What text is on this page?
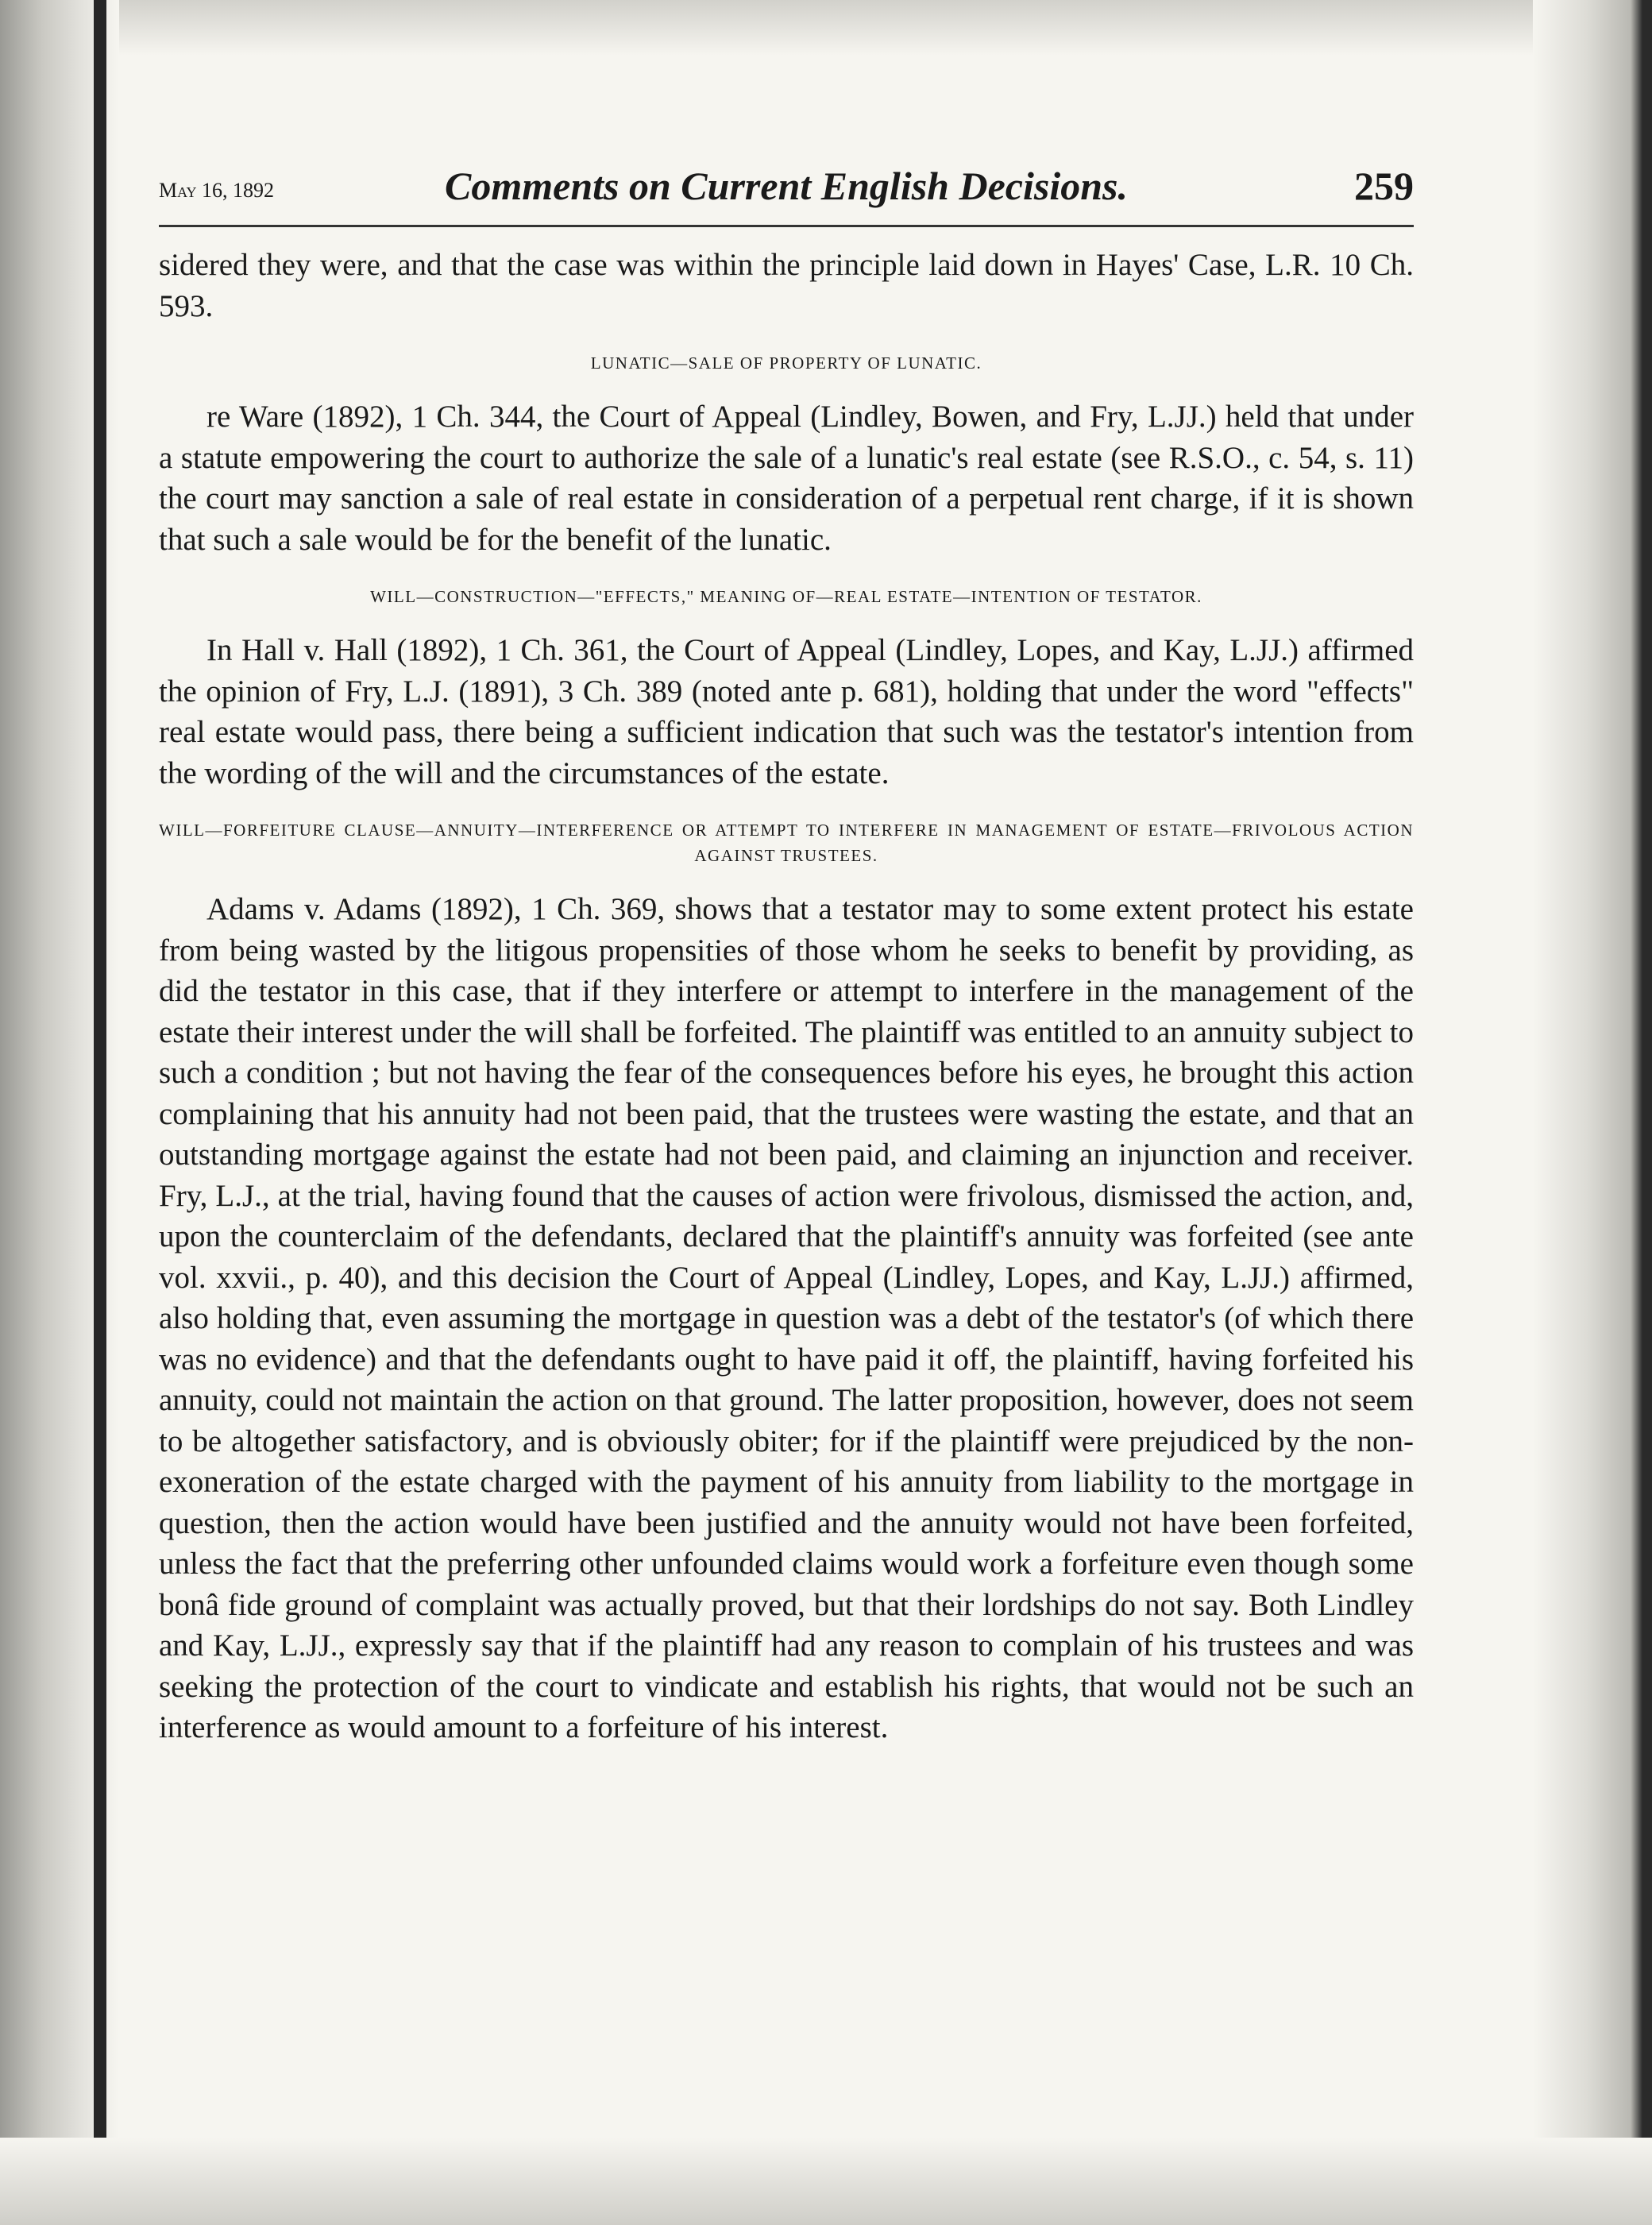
May 16, 1892	Comments on Current English Decisions.	259

sidered they were, and that the case was within the principle laid down in Hayes' Case, L.R. 10 Ch. 593.

LUNATIC—SALE OF PROPERTY OF LUNATIC.

re Ware (1892), 1 Ch. 344, the Court of Appeal (Lindley, Bowen, and Fry, L.JJ.) held that under a statute empowering the court to authorize the sale of a lunatic's real estate (see R.S.O., c. 54, s. 11) the court may sanction a sale of real estate in consideration of a perpetual rent charge, if it is shown that such a sale would be for the benefit of the lunatic.

WILL—CONSTRUCTION—"EFFECTS," MEANING OF—REAL ESTATE—INTENTION OF TESTATOR.

In Hall v. Hall (1892), 1 Ch. 361, the Court of Appeal (Lindley, Lopes, and Kay, L.JJ.) affirmed the opinion of Fry, L.J. (1891), 3 Ch. 389 (noted ante p. 681), holding that under the word "effects" real estate would pass, there being a sufficient indication that such was the testator's intention from the wording of the will and the circumstances of the estate.

WILL—FORFEITURE CLAUSE—ANNUITY—INTERFERENCE OR ATTEMPT TO INTERFERE IN MANAGEMENT OF ESTATE—FRIVOLOUS ACTION AGAINST TRUSTEES.

Adams v. Adams (1892), 1 Ch. 369, shows that a testator may to some extent protect his estate from being wasted by the litigous propensities of those whom he seeks to benefit by providing, as did the testator in this case, that if they interfere or attempt to interfere in the management of the estate their interest under the will shall be forfeited. The plaintiff was entitled to an annuity subject to such a condition ; but not having the fear of the consequences before his eyes, he brought this action complaining that his annuity had not been paid, that the trustees were wasting the estate, and that an outstanding mortgage against the estate had not been paid, and claiming an injunction and receiver. Fry, L.J., at the trial, having found that the causes of action were frivolous, dismissed the action, and, upon the counterclaim of the defendants, declared that the plaintiff's annuity was forfeited (see ante vol. xxvii., p. 40), and this decision the Court of Appeal (Lindley, Lopes, and Kay, L.JJ.) affirmed, also holding that, even assuming the mortgage in question was a debt of the testator's (of which there was no evidence) and that the defendants ought to have paid it off, the plaintiff, having forfeited his annuity, could not maintain the action on that ground. The latter proposition, however, does not seem to be altogether satisfactory, and is obviously obiter; for if the plaintiff were prejudiced by the non-exoneration of the estate charged with the payment of his annuity from liability to the mortgage in question, then the action would have been justified and the annuity would not have been forfeited, unless the fact that the preferring other unfounded claims would work a forfeiture even though some bonâ fide ground of complaint was actually proved, but that their lordships do not say. Both Lindley and Kay, L.JJ., expressly say that if the plaintiff had any reason to complain of his trustees and was seeking the protection of the court to vindicate and establish his rights, that would not be such an interference as would amount to a forfeiture of his interest.
